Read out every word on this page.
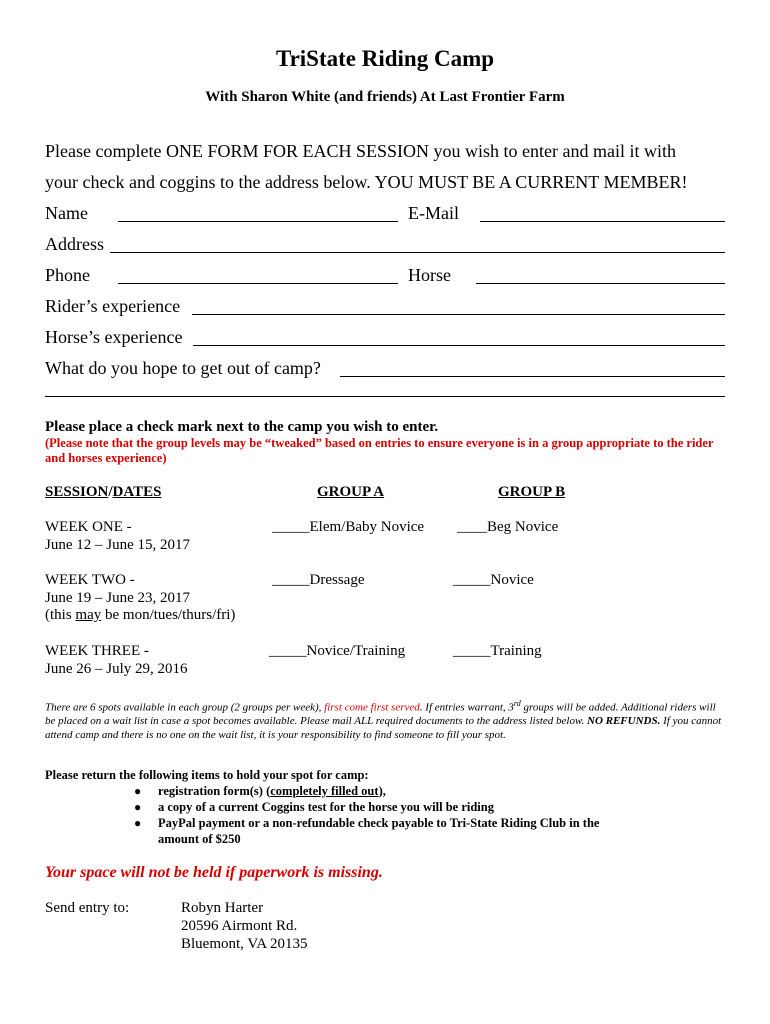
TriState Riding Camp
With Sharon White (and friends) At Last Frontier Farm
Please complete ONE FORM FOR EACH SESSION you wish to enter and mail it with
your check and coggins to the address below. YOU MUST BE A CURRENT MEMBER!
Name	E-Mail
Address
Phone	Horse
Rider’s experience
Horse’s experience
What do you hope to get out of camp?
Please place a check mark next to the camp you wish to enter.
(Please note that the group levels may be “tweaked” based on entries to ensure everyone is in a group appropriate to the rider and horses experience)
SESSION/DATES	GROUP A	GROUP B
WEEK ONE -
June 12 – June 15, 2017
_____Elem/Baby Novice ____Beg Novice
WEEK TWO -
June 19 – June 23, 2017
(this may be mon/tues/thurs/fri)
_____Dressage	_____Novice
WEEK THREE -
June 26 – July 29, 2016
_____Novice/Training	_____Training
There are 6 spots available in each group (2 groups per week), first come first served. If entries warrant, 3rd groups will be added. Additional riders will be placed on a wait list in case a spot becomes available. Please mail ALL required documents to the address listed below. NO REFUNDS. If you cannot attend camp and there is no one on the wait list, it is your responsibility to find someone to fill your spot.
Please return the following items to hold your spot for camp:
● registration form(s) (completely filled out),
● a copy of a current Coggins test for the horse you will be riding
● PayPal payment or a non-refundable check payable to Tri-State Riding Club in the
amount of $250
Your space will not be held if paperwork is missing.
Send entry to:	Robyn Harter
20596 Airmont Rd.
Bluemont, VA 20135
